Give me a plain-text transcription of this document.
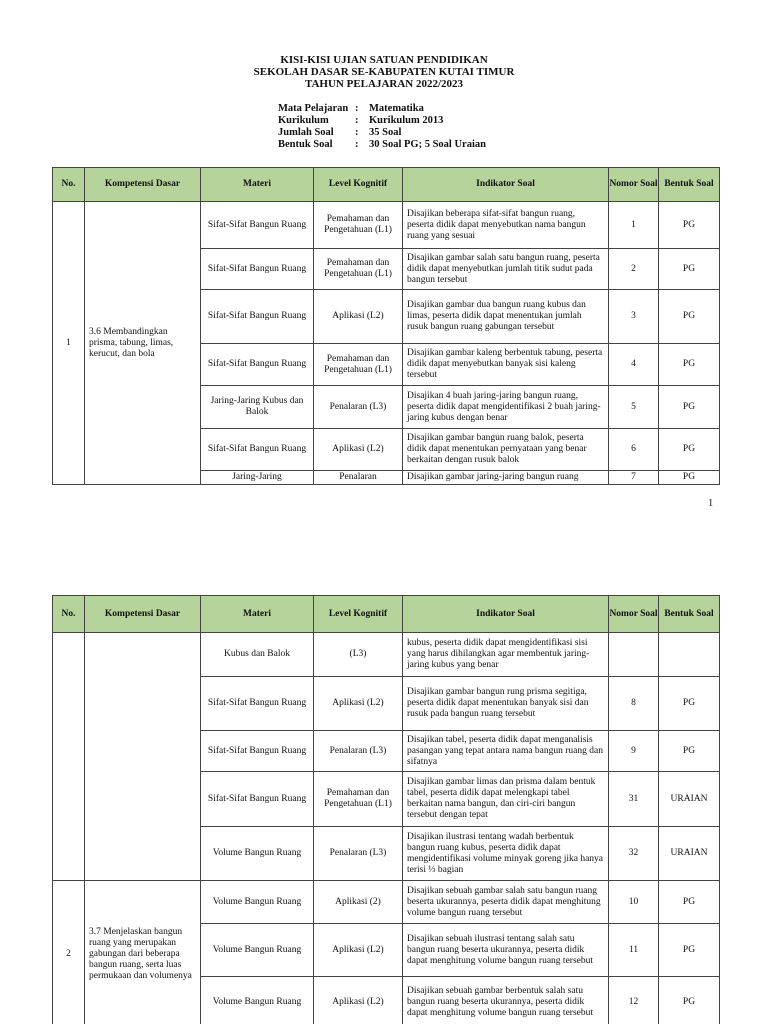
KISI-KISI UJIAN SATUAN PENDIDIKAN
SEKOLAH DASAR SE-KABUPATEN KUTAI TIMUR
TAHUN PELAJARAN 2022/2023
Mata Pelajaran :	Matematika
Kurikulum	:	Kurikulum 2013
Jumlah Soal	:	35 Soal
Bentuk Soal	:	30 Soal PG; 5 Soal Uraian
No.	Kompetensi Dasar	Materi	Level Kognitif	Indikator Soal	Nomor Soal	Bentuk Soal
1	3.6 Membandingkan prisma, tabung, limas, kerucut, dan bola	Sifat-Sifat Bangun Ruang	Pemahaman dan Pengetahuan (L1)	Disajikan beberapa sifat-sifat bangun ruang, peserta didik dapat menyebutkan nama bangun ruang yang sesuai	1	PG
		Sifat-Sifat Bangun Ruang	Pemahaman dan Pengetahuan (L1)	Disajikan gambar salah satu bangun ruang, peserta didik dapat menyebutkan jumlah titik sudut pada bangun tersebut	2	PG
		Sifat-Sifat Bangun Ruang	Aplikasi (L2)	Disajikan gambar dua bangun ruang kubus dan limas, peserta didik dapat menentukan jumlah rusuk bangun ruang gabungan tersebut	3	PG
		Sifat-Sifat Bangun Ruang	Pemahaman dan Pengetahuan (L1)	Disajikan gambar kaleng berbentuk tabung, peserta didik dapat menyebutkan banyak sisi kaleng tersebut	4	PG
		Jaring-Jaring Kubus dan Balok	Penalaran (L3)	Disajikan 4 buah jaring-jaring bangun ruang, peserta didik dapat mengidentifikasi 2 buah jaring-jaring kubus dengan benar	5	PG
		Sifat-Sifat Bangun Ruang	Aplikasi (L2)	Disajikan gambar bangun ruang balok, peserta didik dapat menentukan pernyataan yang benar berkaitan dengan rusuk balok	6	PG
		Jaring-Jaring	Penalaran	Disajikan gambar jaring-jaring bangun ruang	7	PG
1
No.	Kompetensi Dasar	Materi	Level Kognitif	Indikator Soal	Nomor Soal	Bentuk Soal
		Kubus dan Balok	(L3)	kubus, peserta didik dapat mengidentifikasi sisi yang harus dihilangkan agar membentuk jaring-jaring kubus yang benar		
		Sifat-Sifat Bangun Ruang	Aplikasi (L2)	Disajikan gambar bangun rung prisma segitiga, peserta didik dapat menentukan banyak sisi dan rusuk pada bangun ruang tersebut	8	PG
		Sifat-Sifat Bangun Ruang	Penalaran (L3)	Disajikan tabel, peserta didik dapat menganalisis pasangan yang tepat antara nama bangun ruang dan sifatnya	9	PG
		Sifat-Sifat Bangun Ruang	Pemahaman dan Pengetahuan (L1)	Disajikan gambar limas dan prisma dalam bentuk tabel, peserta didik dapat melengkapi tabel berkaitan nama bangun, dan ciri-ciri bangun tersebut dengan tepat	31	URAIAN
		Volume Bangun Ruang	Penalaran (L3)	Disajikan ilustrasi tentang wadah berbentuk bangun ruang kubus, peserta didik dapat mengidentifikasi volume minyak goreng jika hanya terisi ⅓ bagian	32	URAIAN
2	3.7 Menjelaskan bangun ruang yang merupakan gabungan dari beberapa bangun ruang, serta luas permukaan dan volumenya	Volume Bangun Ruang	Aplikasi (2)	Disajikan sebuah gambar salah satu bangun ruang beserta ukurannya, peserta didik dapat menghitung volume bangun ruang tersebut	10	PG
		Volume Bangun Ruang	Aplikasi (L2)	Disajikan sebuah ilustrasi tentang salah satu bangun ruang beserta ukurannya, peserta didik dapat menghitung volume bangun ruang tersebut	11	PG
		Volume Bangun Ruang	Aplikasi (L2)	Disajikan sebuah gambar berbentuk salah satu bangun ruang beserta ukurannya, peserta didik dapat menghitung volume bangun ruang tersebut	12	PG
